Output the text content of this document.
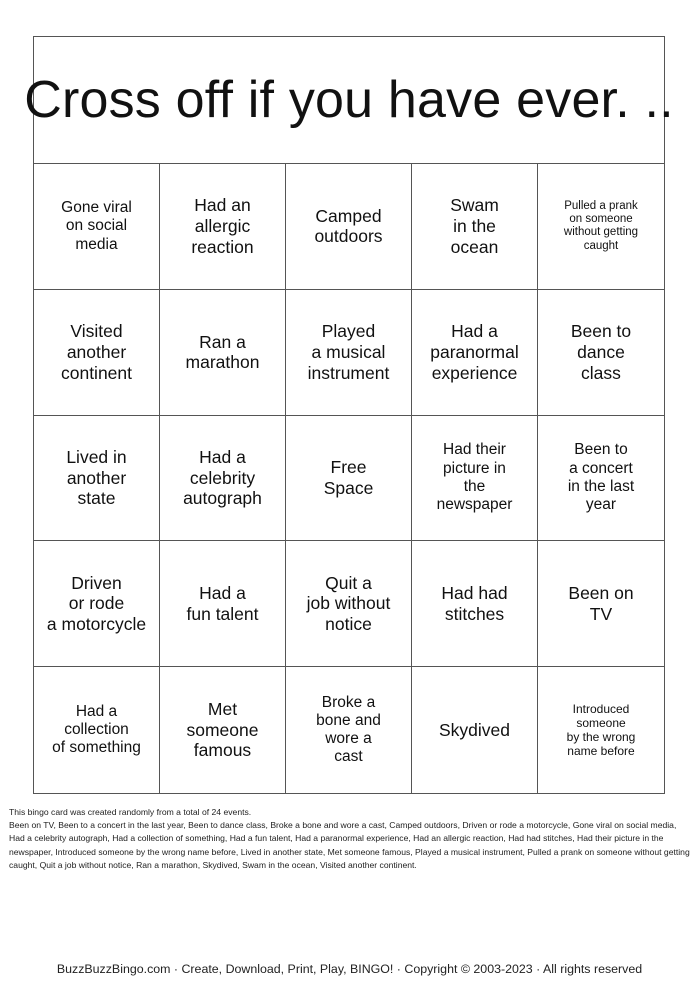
Cross off if you have ever. ..
Gone viral
on social
media
Had an
allergic
reaction
Camped
outdoors
Swam
in the
ocean
Pulled a prank
on someone
without getting
caught
Visited
another
continent
Ran a
marathon
Played
a musical
instrument
Had a
paranormal
experience
Been to
dance
class
Lived in
another
state
Had a
celebrity
autograph
Free
Space
Had their
picture in
the
newspaper
Been to
a concert
in the last
year
Driven
or rode
a motorcycle
Had a
fun talent
Quit a
job without
notice
Had had
stitches
Been on
TV
Had a
collection
of something
Met
someone
famous
Broke a
bone and
wore a
cast
Skydived
Introduced
someone
by the wrong
name before
This bingo card was created randomly from a total of 24 events.
Been on TV, Been to a concert in the last year, Been to dance class, Broke a bone and wore a cast, Camped outdoors, Driven or rode a motorcycle, Gone viral on social media, Had a celebrity autograph, Had a collection of something, Had a fun talent, Had a paranormal experience, Had an allergic reaction, Had had stitches, Had their picture in the newspaper, Introduced someone by the wrong name before, Lived in another state, Met someone famous, Played a musical instrument, Pulled a prank on someone without getting caught, Quit a job without notice, Ran a marathon, Skydived, Swam in the ocean, Visited another continent.
BuzzBuzzBingo.com · Create, Download, Print, Play, BINGO! · Copyright © 2003-2023 · All rights reserved
